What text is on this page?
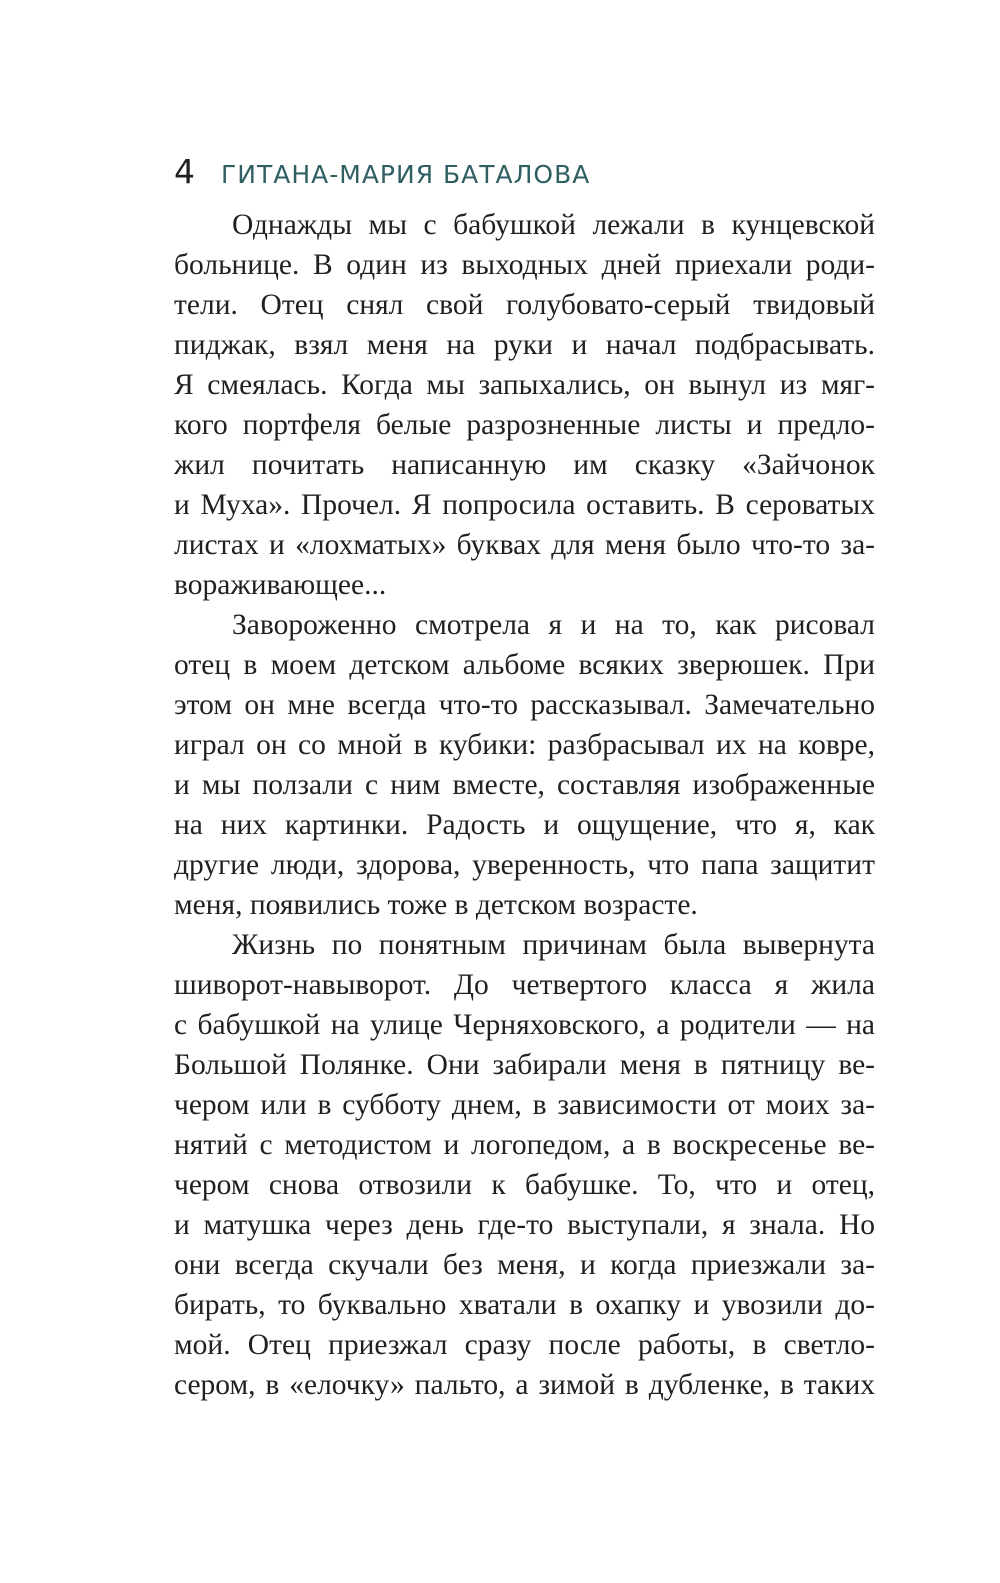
4 ГИТАНА-МАРИЯ БАТАЛОВА
Однажды мы с бабушкой лежали в кунцевской
больнице. В один из выходных дней приехали роди-
тели. Отец снял свой голубовато-серый твидовый
пиджак, взял меня на руки и начал подбрасывать.
Я смеялась. Когда мы запыхались, он вынул из мяг-
кого портфеля белые разрозненные листы и предло-
жил почитать написанную им сказку «Зайчонок
и Муха». Прочел. Я попросила оставить. В сероватых
листах и «лохматых» буквах для меня было что-то за-
вораживающее...
Завороженно смотрела я и на то, как рисовал
отец в моем детском альбоме всяких зверюшек. При
этом он мне всегда что-то рассказывал. Замечательно
играл он со мной в кубики: разбрасывал их на ковре,
и мы ползали с ним вместе, составляя изображенные
на них картинки. Радость и ощущение, что я, как
другие люди, здорова, уверенность, что папа защитит
меня, появились тоже в детском возрасте.
Жизнь по понятным причинам была вывернута
шиворот-навыворот. До четвертого класса я жила
с бабушкой на улице Черняховского, а родители — на
Большой Полянке. Они забирали меня в пятницу ве-
чером или в субботу днем, в зависимости от моих за-
нятий с методистом и логопедом, а в воскресенье ве-
чером снова отвозили к бабушке. То, что и отец,
и матушка через день где-то выступали, я знала. Но
они всегда скучали без меня, и когда приезжали за-
бирать, то буквально хватали в охапку и увозили до-
мой. Отец приезжал сразу после работы, в светло-
сером, в «елочку» пальто, а зимой в дубленке, в таких
